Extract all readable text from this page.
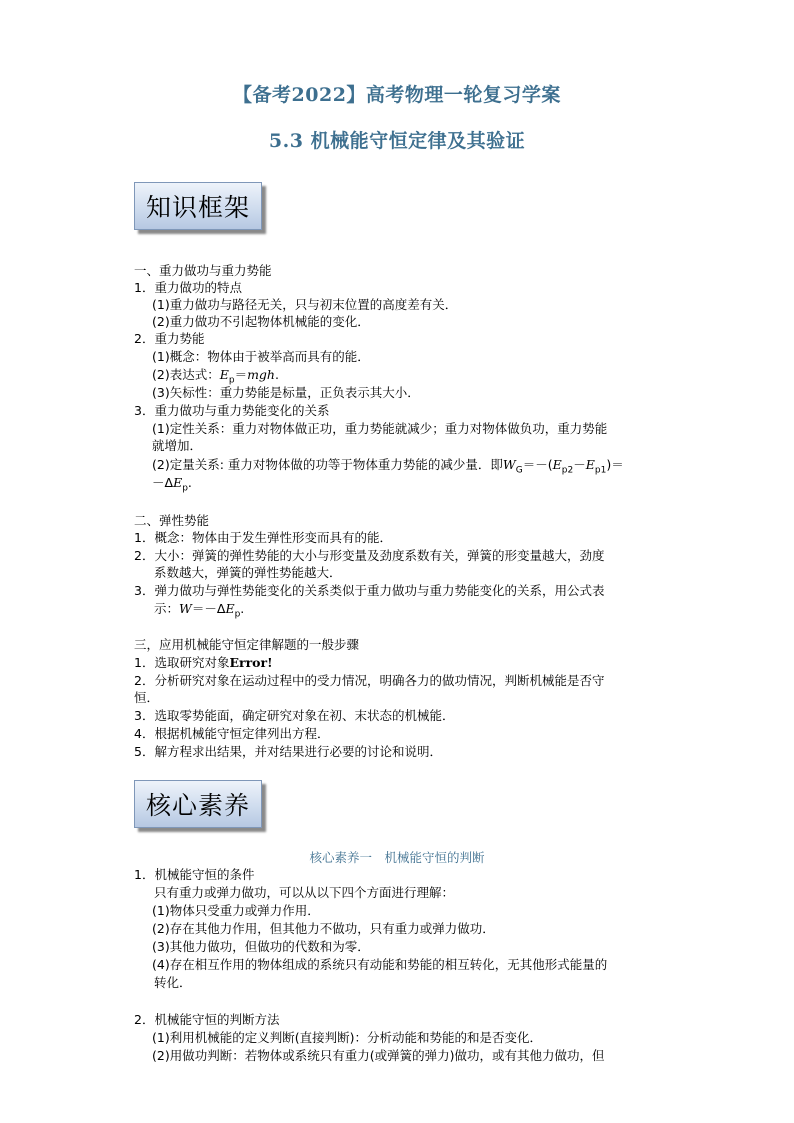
【备考2022】高考物理一轮复习学案
5.3 机械能守恒定律及其验证
知识框架
一、重力做功与重力势能
1．重力做功的特点
(1)重力做功与路径无关，只与初末位置的高度差有关．
(2)重力做功不引起物体机械能的变化．
2．重力势能
(1)概念：物体由于被举高而具有的能．
(2)表达式：$E_p=mgh$.
(3)矢标性：重力势能是标量，正负表示其大小．
3．重力做功与重力势能变化的关系
(1)定性关系：重力对物体做正功，重力势能就减少；重力对物体做负功，重力势能
就增加．
(2)定量关系: 重力对物体做的功等于物体重力势能的减少量．即$W_G=-(E_{p2}-E_{p1})=$
$-\Delta E_p$.
二、弹性势能
1．概念：物体由于发生弹性形变而具有的能．
2．大小：弹簧的弹性势能的大小与形变量及劲度系数有关，弹簧的形变量越大，劲度
系数越大，弹簧的弹性势能越大．
3．弹力做功与弹性势能变化的关系类似于重力做功与重力势能变化的关系，用公式表
示：$W=-\Delta E_p$.
三，应用机械能守恒定律解题的一般步骤
1．选取研究对象Error!
2．分析研究对象在运动过程中的受力情况，明确各力的做功情况，判断机械能是否守
恒．
3．选取零势能面，确定研究对象在初、末状态的机械能．
4．根据机械能守恒定律列出方程．
5．解方程求出结果，并对结果进行必要的讨论和说明．
核心素养
核心素养一　机械能守恒的判断
1．机械能守恒的条件
只有重力或弹力做功，可以从以下四个方面进行理解：
(1)物体只受重力或弹力作用．
(2)存在其他力作用，但其他力不做功，只有重力或弹力做功．
(3)其他力做功，但做功的代数和为零．
(4)存在相互作用的物体组成的系统只有动能和势能的相互转化，无其他形式能量的
转化．
2．机械能守恒的判断方法
(1)利用机械能的定义判断(直接判断)：分析动能和势能的和是否变化．
(2)用做功判断：若物体或系统只有重力(或弹簧的弹力)做功，或有其他力做功，但
